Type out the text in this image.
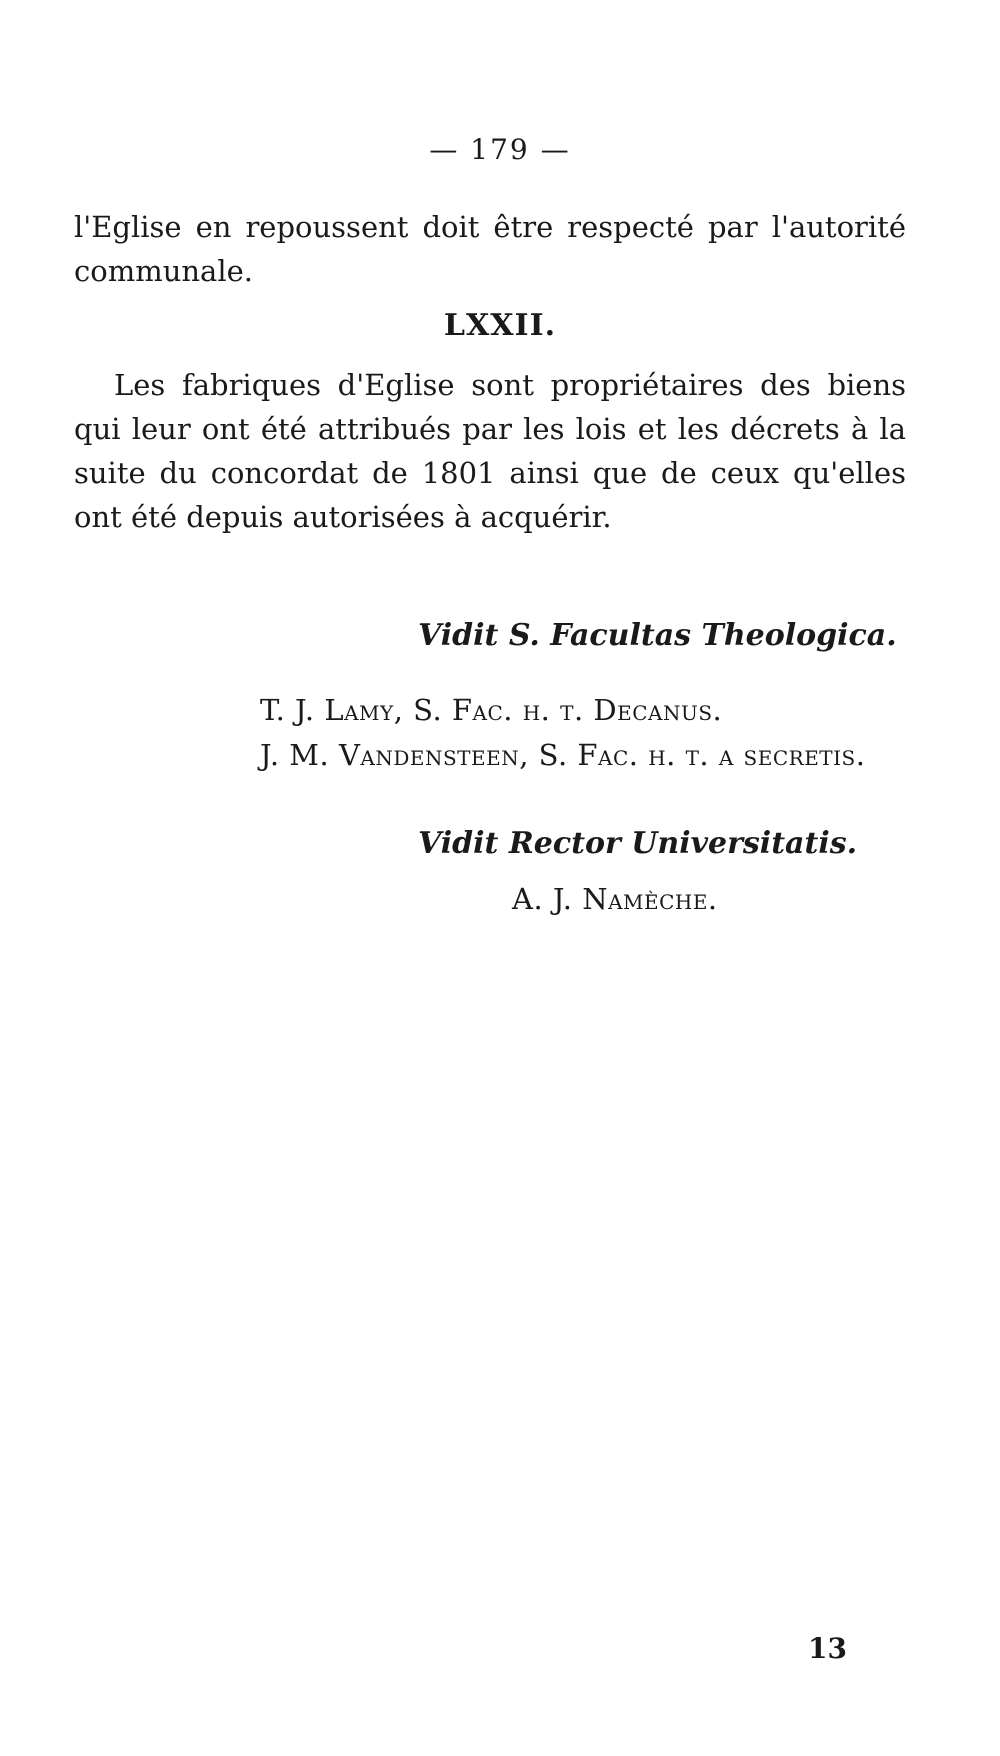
— 179 —
l'Eglise en repoussent doit être respecté par l'autorité
communale.
LXXII.
Les fabriques d'Eglise sont propriétaires des biens
qui leur ont été attribués par les lois et les décrets à la
suite du concordat de 1801 ainsi que de ceux qu'elles
ont été depuis autorisées à acquérir.
Vidit S. Facultas Theologica.
T. J. Lamy, S. Fac. h. t. Decanus.
J. M. Vandensteen, S. Fac. h. t. a secretis.
Vidit Rector Universitatis.
A. J. Namèche.
13
